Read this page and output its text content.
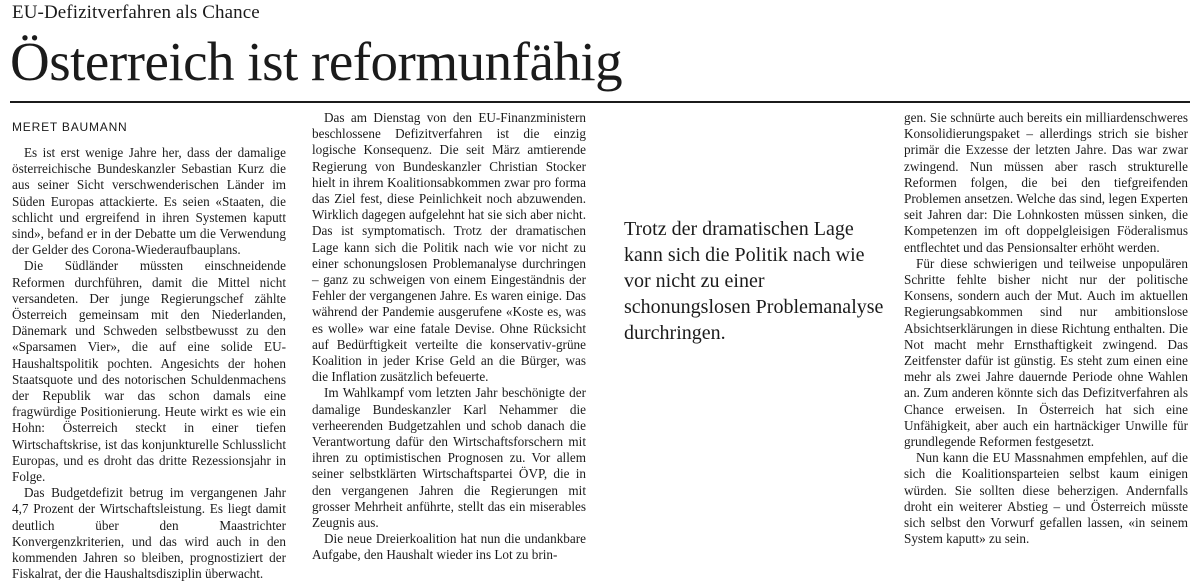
EU-Defizitverfahren als Chance
Österreich ist reformunfähig
MERET BAUMANN

Es ist erst wenige Jahre her, dass der damalige österreichische Bundeskanzler Sebastian Kurz die aus seiner Sicht verschwenderischen Länder im Süden Europas attackierte. Es seien «Staaten, die schlicht und ergreifend in ihren Systemen kaputt sind», befand er in der Debatte um die Verwendung der Gelder des Corona-Wiederaufbauplans.

Die Südländer müssten einschneidende Reformen durchführen, damit die Mittel nicht versandeten. Der junge Regierungschef zählte Österreich gemeinsam mit den Niederlanden, Dänemark und Schweden selbstbewusst zu den «Sparsamen Vier», die auf eine solide EU-Haushaltspolitik pochten. Angesichts der hohen Staatsquote und des notorischen Schuldenmachens der Republik war das schon damals eine fragwürdige Positionierung. Heute wirkt es wie ein Hohn: Österreich steckt in einer tiefen Wirtschaftskrise, ist das konjunkturelle Schlusslicht Europas, und es droht das dritte Rezessionsjahr in Folge.

Das Budgetdefizit betrug im vergangenen Jahr 4,7 Prozent der Wirtschaftsleistung. Es liegt damit deutlich über den Maastrichter Konvergenzkriterien, und das wird auch in den kommenden Jahren so bleiben, prognostiziert der Fiskalrat, der die Haushaltsdisziplin überwacht.

Das am Dienstag von den EU-Finanzministern beschlossene Defizitverfahren ist die einzig logische Konsequenz. Die seit März amtierende Regierung von Bundeskanzler Christian Stocker hielt in ihrem Koalitionsabkommen zwar pro forma das Ziel fest, diese Peinlichkeit noch abzuwenden. Wirklich dagegen aufgelehnt hat sie sich aber nicht. Das ist symptomatisch. Trotz der dramatischen Lage kann sich die Politik nach wie vor nicht zu einer schonungslosen Problemanalyse durchringen – ganz zu schweigen von einem Eingeständnis der Fehler der vergangenen Jahre. Es waren einige. Das während der Pandemie ausgerufene «Koste es, was es wolle» war eine fatale Devise. Ohne Rücksicht auf Bedürftigkeit verteilte die konservativ-grüne Koalition in jeder Krise Geld an die Bürger, was die Inflation zusätzlich befeuerte.

Im Wahlkampf vom letzten Jahr beschönigte der damalige Bundeskanzler Karl Nehammer die verheerenden Budgetzahlen und schob danach die Verantwortung dafür den Wirtschaftsforschern mit ihren zu optimistischen Prognosen zu. Vor allem seiner selbstklärten Wirtschaftspartei ÖVP, die in den vergangenen Jahren die Regierungen mit grosser Mehrheit anführte, stellt das ein miserables Zeugnis aus.

Die neue Dreierkoalition hat nun die undankbare Aufgabe, den Haushalt wieder ins Lot zu brin-

Trotz der dramatischen Lage kann sich die Politik nach wie vor nicht zu einer schonungslosen Problemanalyse durchringen.

gen. Sie schnürte auch bereits ein milliardenschweres Konsolidierungspaket – allerdings strich sie bisher primär die Exzesse der letzten Jahre. Das war zwar zwingend. Nun müssen aber rasch strukturelle Reformen folgen, die bei den tiefgreifenden Problemen ansetzen. Welche das sind, legen Experten seit Jahren dar: Die Lohnkosten müssen sinken, die Kompetenzen im oft doppelgleisigen Föderalismus entflechtet und das Pensionsalter erhöht werden.

Für diese schwierigen und teilweise unpopulären Schritte fehlte bisher nicht nur der politische Konsens, sondern auch der Mut. Auch im aktuellen Regierungsabkommen sind nur ambitionslose Absichtserklärungen in diese Richtung enthalten. Die Not macht mehr Ernsthaftigkeit zwingend. Das Zeitfenster dafür ist günstig. Es steht zum einen eine mehr als zwei Jahre dauernde Periode ohne Wahlen an. Zum anderen könnte sich das Defizitverfahren als Chance erweisen. In Österreich hat sich eine Unfähigkeit, aber auch ein hartnäckiger Unwille für grundlegende Reformen festgesetzt.

Nun kann die EU Massnahmen empfehlen, auf die sich die Koalitionsparteien selbst kaum einigen würden. Sie sollten diese beherzigen. Andernfalls droht ein weiterer Abstieg – und Österreich müsste sich selbst den Vorwurf gefallen lassen, «in seinem System kaputt» zu sein.
